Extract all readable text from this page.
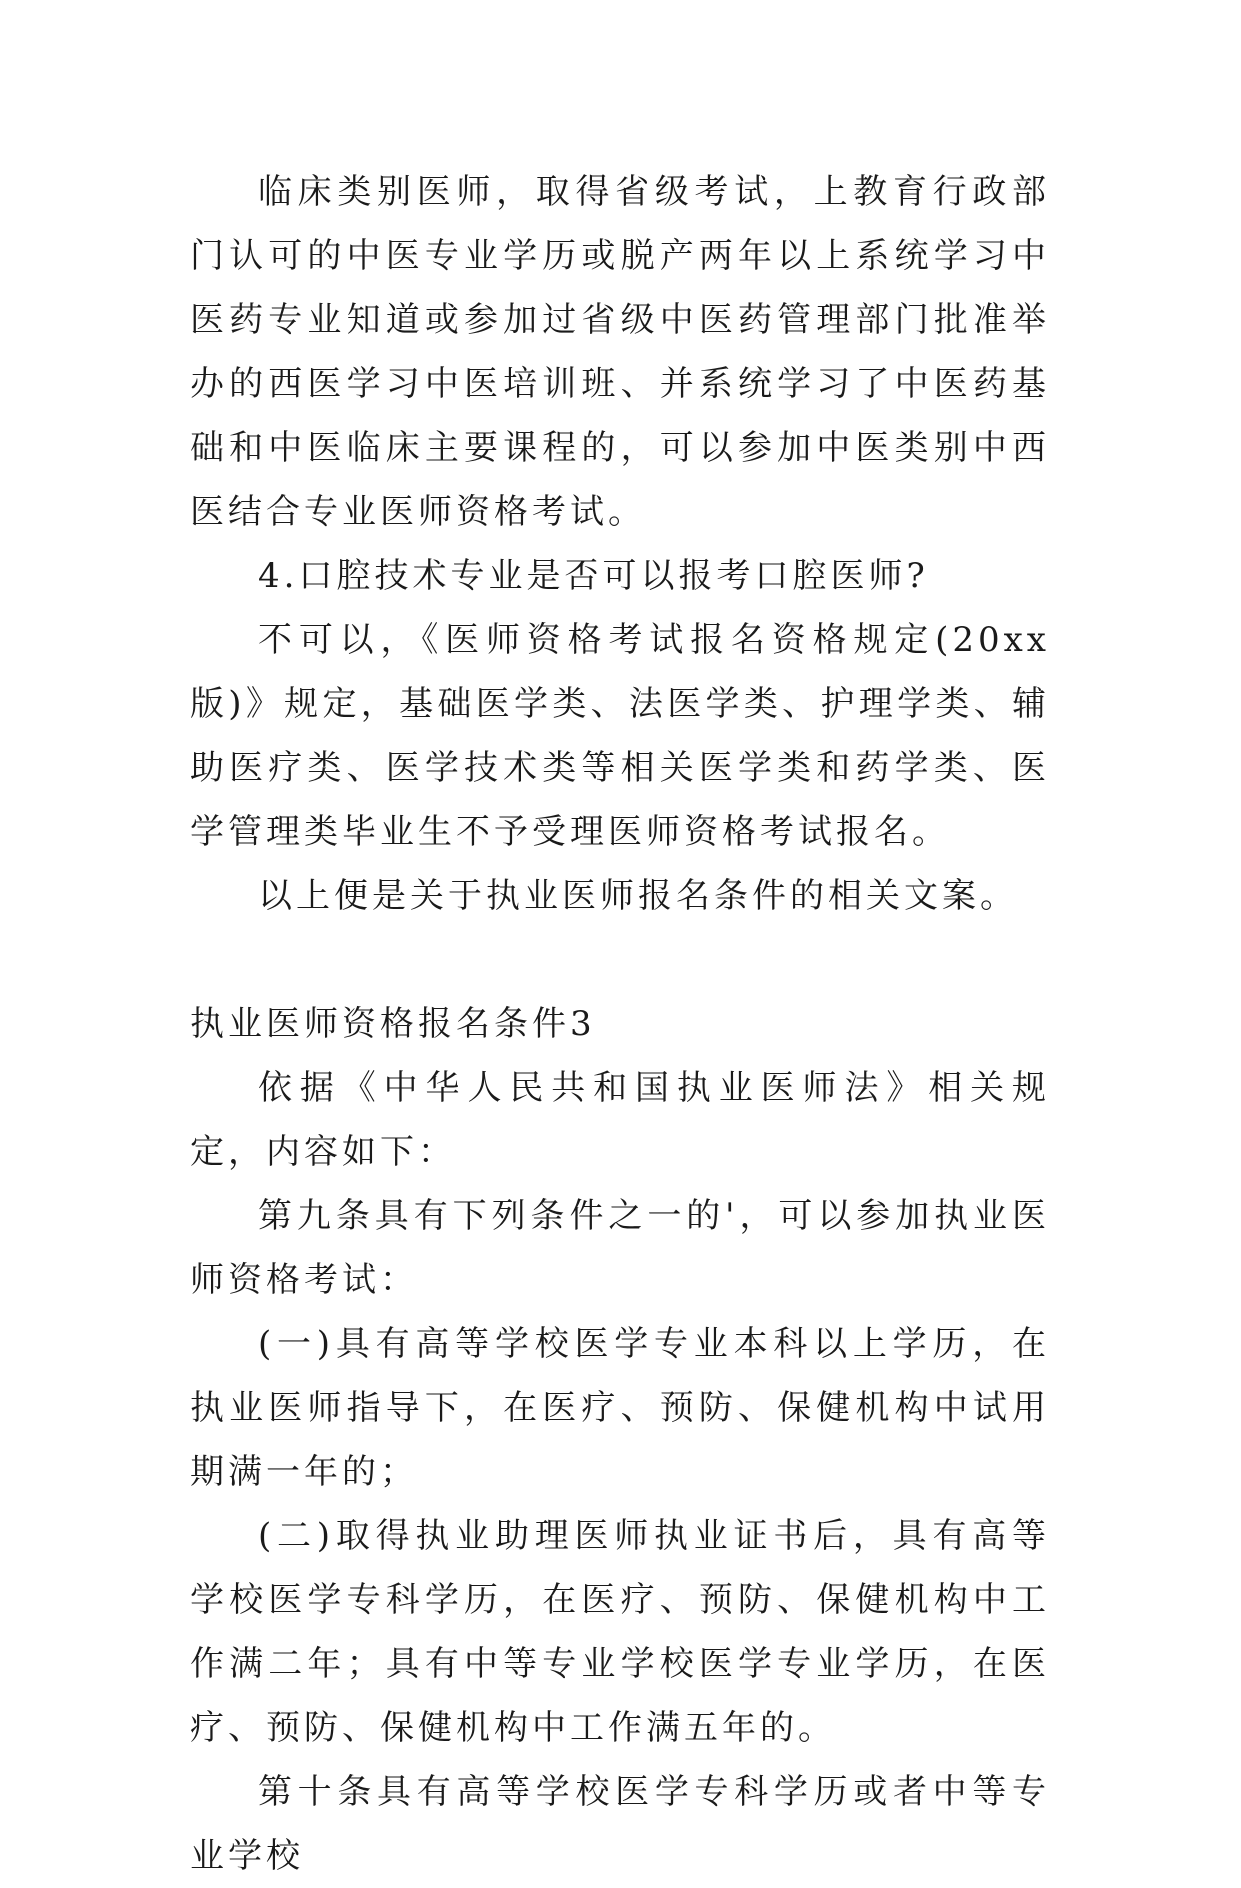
临床类别医师，取得省级考试，上教育行政部门认可的中医专业学历或脱产两年以上系统学习中医药专业知道或参加过省级中医药管理部门批准举办的西医学习中医培训班、并系统学习了中医药基础和中医临床主要课程的，可以参加中医类别中西医结合专业医师资格考试。

4.口腔技术专业是否可以报考口腔医师?

不可以，《医师资格考试报名资格规定(20xx版)》规定，基础医学类、法医学类、护理学类、辅助医疗类、医学技术类等相关医学类和药学类、医学管理类毕业生不予受理医师资格考试报名。

以上便是关于执业医师报名条件的相关文案。

执业医师资格报名条件3

依据《中华人民共和国执业医师法》相关规定，内容如下：

第九条具有下列条件之一的'，可以参加执业医师资格考试：

(一)具有高等学校医学专业本科以上学历，在执业医师指导下，在医疗、预防、保健机构中试用期满一年的；

(二)取得执业助理医师执业证书后，具有高等学校医学专科学历，在医疗、预防、保健机构中工作满二年；具有中等专业学校医学专业学历，在医疗、预防、保健机构中工作满五年的。

第十条具有高等学校医学专科学历或者中等专业学校
